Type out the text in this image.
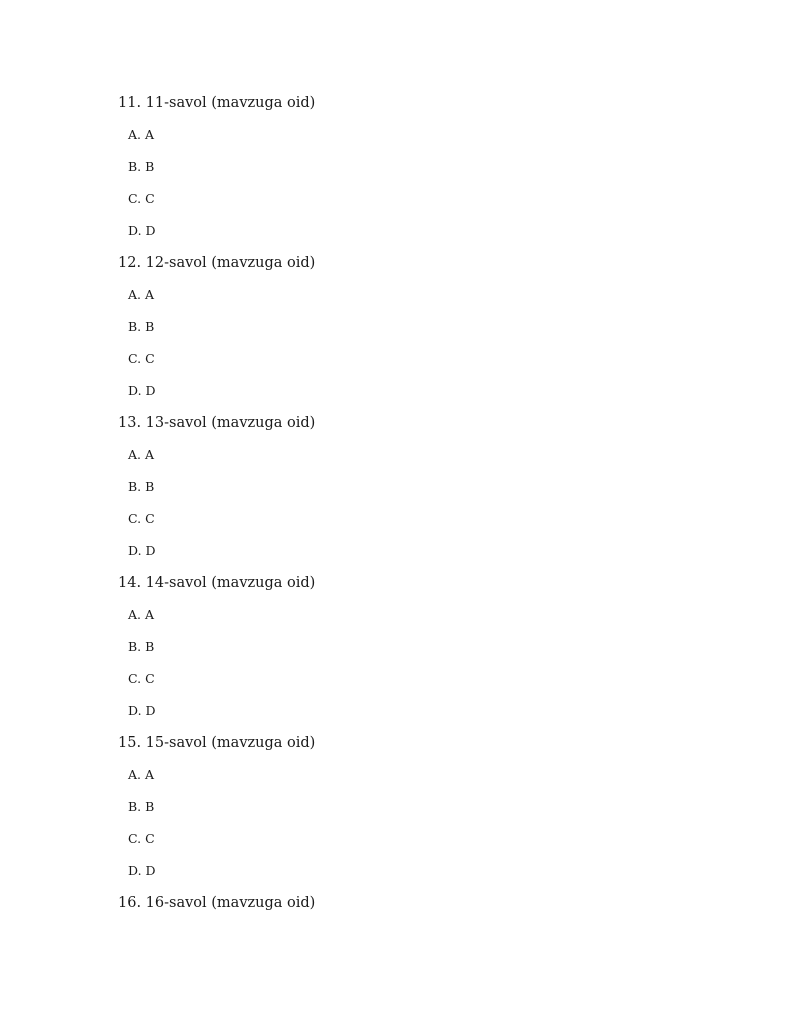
11. 11-savol (mavzuga oid)
A. A
B. B
C. C
D. D
12. 12-savol (mavzuga oid)
A. A
B. B
C. C
D. D
13. 13-savol (mavzuga oid)
A. A
B. B
C. C
D. D
14. 14-savol (mavzuga oid)
A. A
B. B
C. C
D. D
15. 15-savol (mavzuga oid)
A. A
B. B
C. C
D. D
16. 16-savol (mavzuga oid)
